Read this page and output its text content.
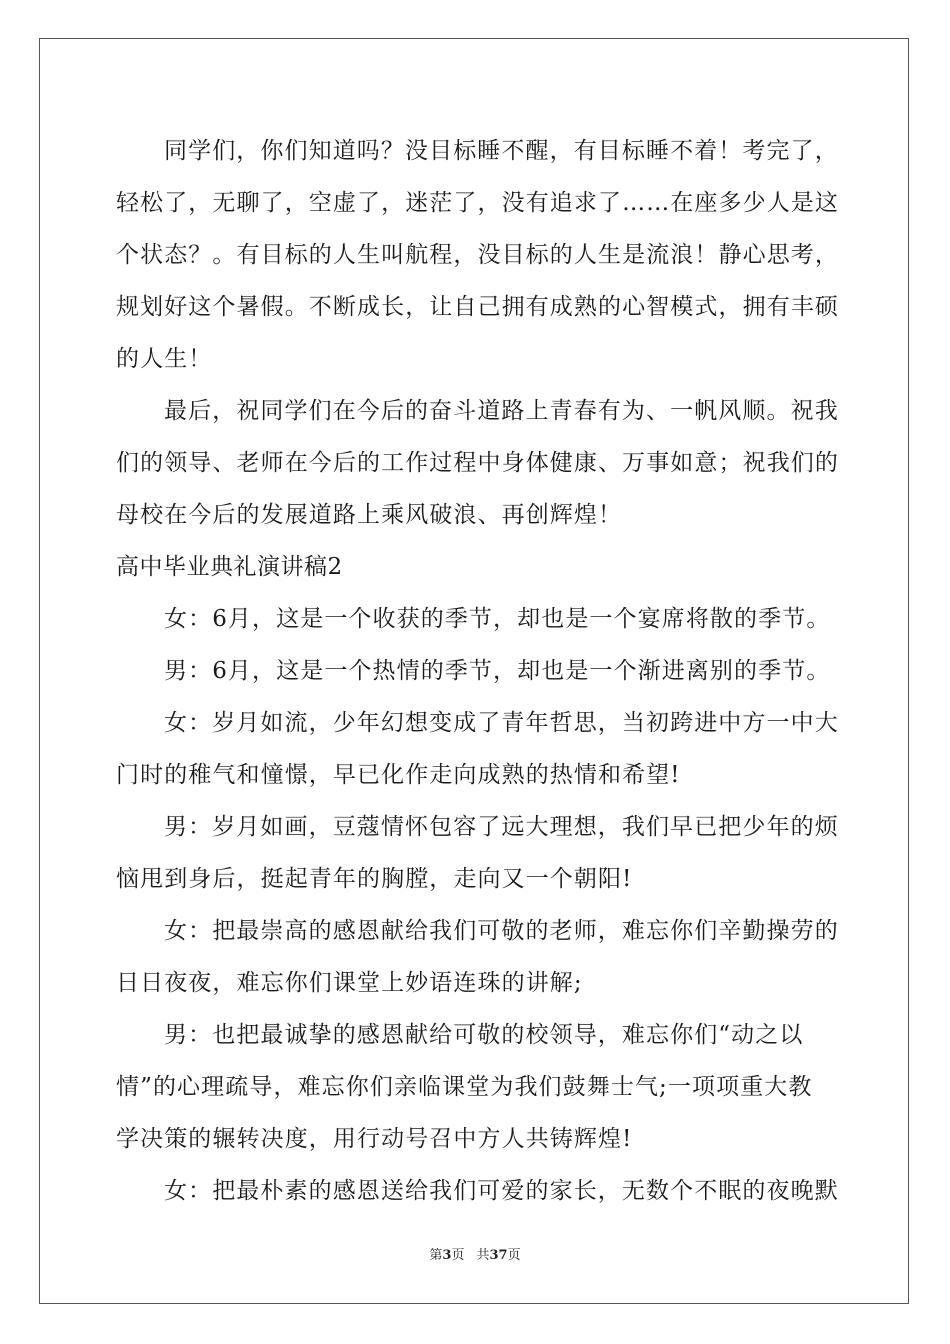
同学们，你们知道吗？没目标睡不醒，有目标睡不着！考完了，
轻松了，无聊了，空虚了，迷茫了，没有追求了……在座多少人是这
个状态？。有目标的人生叫航程，没目标的人生是流浪！静心思考，
规划好这个暑假。不断成长，让自己拥有成熟的心智模式，拥有丰硕
的人生！
最后，祝同学们在今后的奋斗道路上青春有为、一帆风顺。祝我
们的领导、老师在今后的工作过程中身体健康、万事如意；祝我们的
母校在今后的发展道路上乘风破浪、再创辉煌！
高中毕业典礼演讲稿2
女：6月，这是一个收获的季节，却也是一个宴席将散的季节。
男：6月，这是一个热情的季节，却也是一个渐进离别的季节。
女：岁月如流，少年幻想变成了青年哲思，当初跨进中方一中大
门时的稚气和憧憬，早已化作走向成熟的热情和希望!
男：岁月如画，豆蔻情怀包容了远大理想，我们早已把少年的烦
恼甩到身后，挺起青年的胸膛，走向又一个朝阳!
女：把最崇高的感恩献给我们可敬的老师，难忘你们辛勤操劳的
日日夜夜，难忘你们课堂上妙语连珠的讲解;
男：也把最诚挚的感恩献给可敬的校领导，难忘你们“动之以
情”的心理疏导，难忘你们亲临课堂为我们鼓舞士气;一项项重大教
学决策的辗转决度，用行动号召中方人共铸辉煌!
女：把最朴素的感恩送给我们可爱的家长，无数个不眠的夜晚默
第3页 共37页
